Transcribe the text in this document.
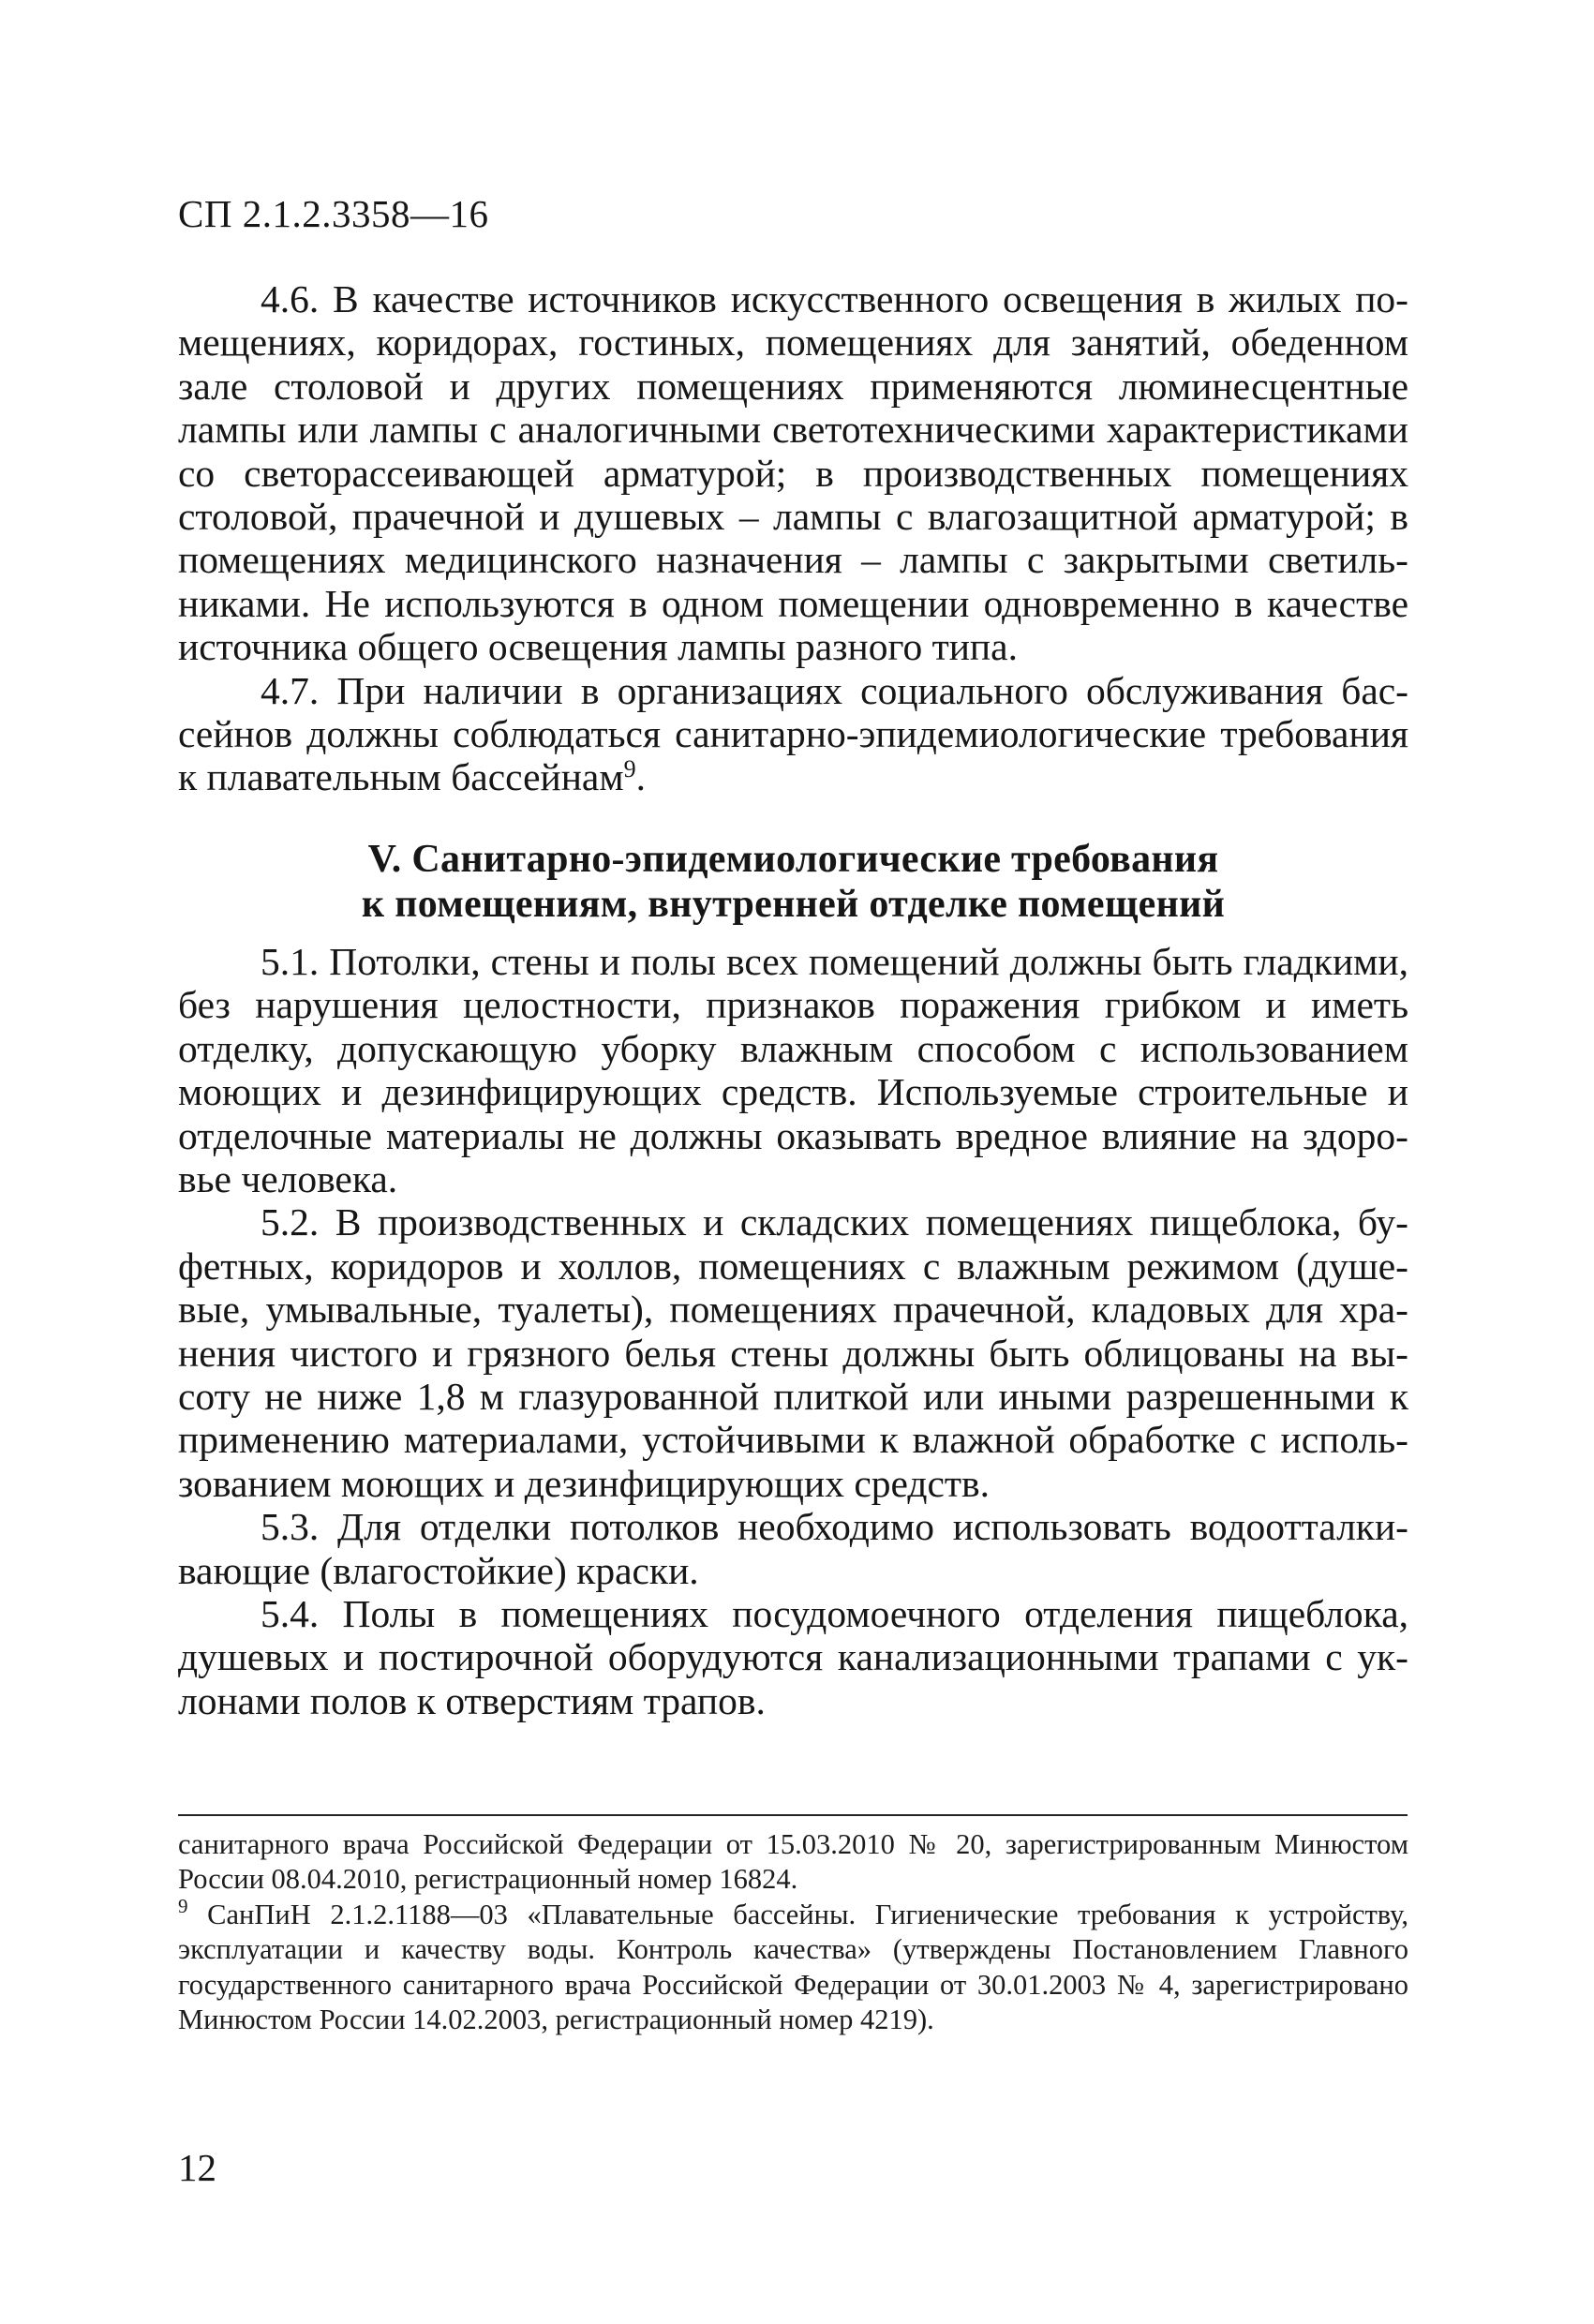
СП 2.1.2.3358—16

4.6. В качестве источников искусственного освещения в жилых помещениях, коридорах, гостиных, помещениях для занятий, обеденном зале столовой и других помещениях применяются люминесцентные лампы или лампы с аналогичными светотехническими характеристиками со светорассеивающей арматурой; в производственных помещениях столовой, прачечной и душевых – лампы с влагозащитной арматурой; в помещениях медицинского назначения – лампы с закрытыми светильниками. Не используются в одном помещении одновременно в качестве источника общего освещения лампы разного типа.

4.7. При наличии в организациях социального обслуживания бассейнов должны соблюдаться санитарно-эпидемиологические требования к плавательным бассейнам$^9$.

V. Санитарно-эпидемиологические требования
к помещениям, внутренней отделке помещений

5.1. Потолки, стены и полы всех помещений должны быть гладкими, без нарушения целостности, признаков поражения грибком и иметь отделку, допускающую уборку влажным способом с использованием моющих и дезинфицирующих средств. Используемые строительные и отделочные материалы не должны оказывать вредное влияние на здоровье человека.

5.2. В производственных и складских помещениях пищеблока, буфетных, коридоров и холлов, помещениях с влажным режимом (душевые, умывальные, туалеты), помещениях прачечной, кладовых для хранения чистого и грязного белья стены должны быть облицованы на высоту не ниже 1,8 м глазурованной плиткой или иными разрешенными к применению материалами, устойчивыми к влажной обработке с использованием моющих и дезинфицирующих средств.

5.3. Для отделки потолков необходимо использовать водоотталкивающие (влагостойкие) краски.

5.4. Полы в помещениях посудомоечного отделения пищеблока, душевых и постирочной оборудуются канализационными трапами с уклонами полов к отверстиям трапов.

санитарного врача Российской Федерации от 15.03.2010 № 20, зарегистрированным Минюстом России 08.04.2010, регистрационный номер 16824.

$^9$ СанПиН 2.1.2.1188—03 «Плавательные бассейны. Гигиенические требования к устройству, эксплуатации и качеству воды. Контроль качества» (утверждены Постановлением Главного государственного санитарного врача Российской Федерации от 30.01.2003 № 4, зарегистрировано Минюстом России 14.02.2003, регистрационный номер 4219).

12
